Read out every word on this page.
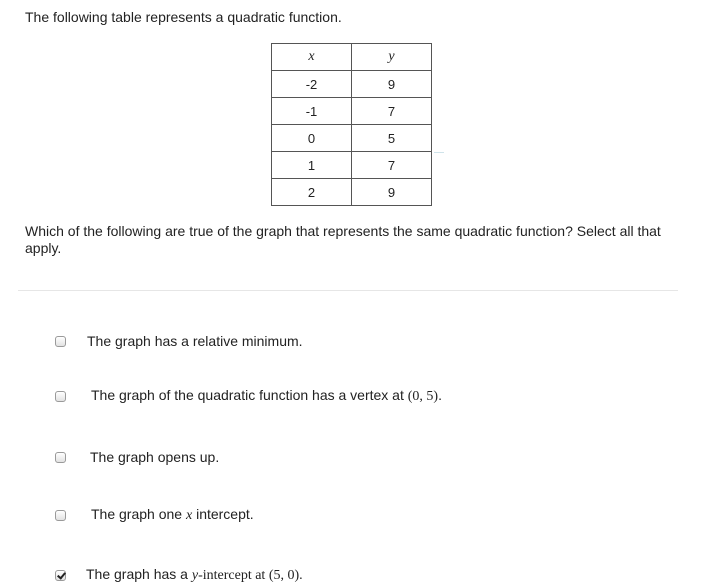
The following table represents a quadratic function.

x	y
-2	9
-1	7
0	5
1	7
2	9

Which of the following are true of the graph that represents the same quadratic function? Select all that apply.

The graph has a relative minimum.
The graph of the quadratic function has a vertex at (0, 5).
The graph opens up.
The graph one x intercept.
The graph has a y-intercept at (5, 0).
